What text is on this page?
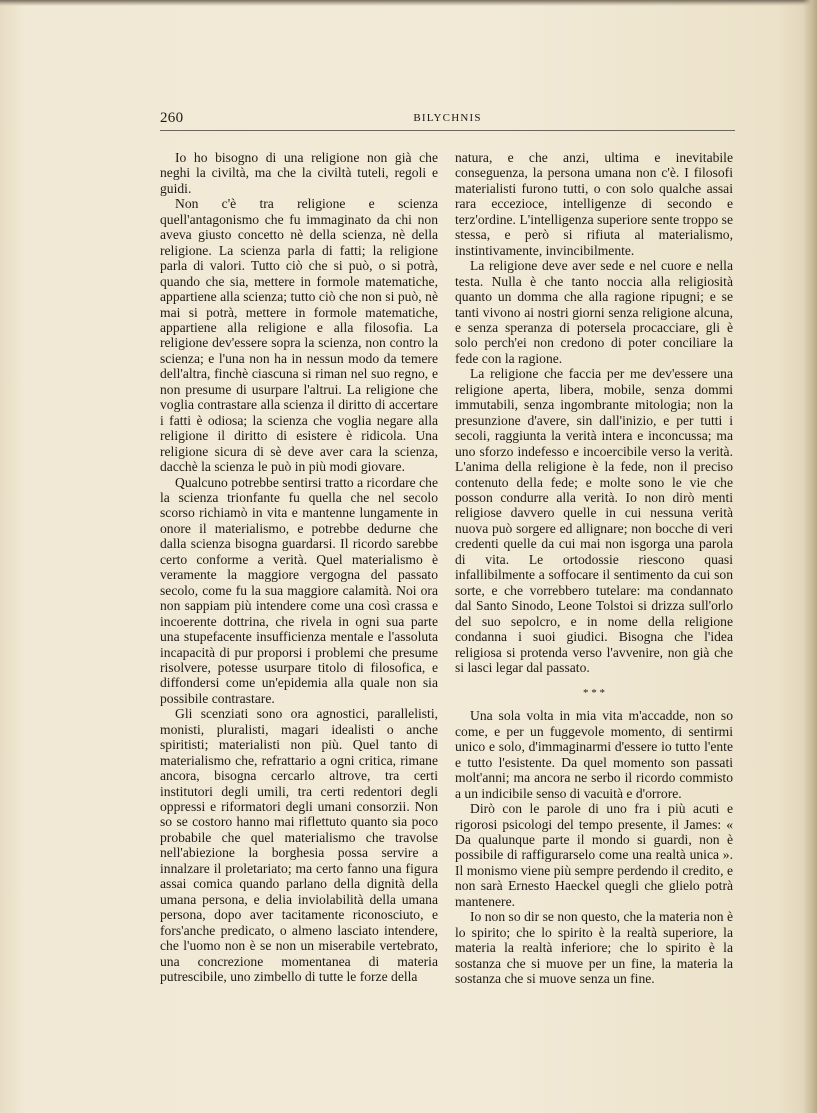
260	BILYCHNIS

Io ho bisogno di una religione non già che neghi la civiltà, ma che la civiltà tuteli, regoli e guidi.

Non c'è tra religione e scienza quell'antagonismo che fu immaginato da chi non aveva giusto concetto nè della scienza, nè della religione. La scienza parla di fatti; la religione parla di valori. Tutto ciò che si può, o si potrà, quando che sia, mettere in formole matematiche, appartiene alla scienza; tutto ciò che non si può, nè mai si potrà, mettere in formole matematiche, appartiene alla religione e alla filosofia. La religione dev'essere sopra la scienza, non contro la scienza; e l'una non ha in nessun modo da temere dell'altra, finchè ciascuna si riman nel suo regno, e non presume di usurpare l'altrui. La religione che voglia contrastare alla scienza il diritto di accertare i fatti è odiosa; la scienza che voglia negare alla religione il diritto di esistere è ridicola. Una religione sicura di sè deve aver cara la scienza, dacchè la scienza le può in più modi giovare.

Qualcuno potrebbe sentirsi tratto a ricordare che la scienza trionfante fu quella che nel secolo scorso richiamò in vita e mantenne lungamente in onore il materialismo, e potrebbe dedurne che dalla scienza bisogna guardarsi. Il ricordo sarebbe certo conforme a verità. Quel materialismo è veramente la maggiore vergogna del passato secolo, come fu la sua maggiore calamità. Noi ora non sappiam più intendere come una così crassa e incoerente dottrina, che rivela in ogni sua parte una stupefacente insufficienza mentale e l'assoluta incapacità di pur proporsi i problemi che presume risolvere, potesse usurpare titolo di filosofica, e diffondersi come un'epidemia alla quale non sia possibile contrastare.

Gli scenziati sono ora agnostici, parallelisti, monisti, pluralisti, magari idealisti o anche spiritisti; materialisti non più. Quel tanto di materialismo che, refrattario a ogni critica, rimane ancora, bisogna cercarlo altrove, tra certi institutori degli umili, tra certi redentori degli oppressi e riformatori degli umani consorzii. Non so se costoro hanno mai riflettuto quanto sia poco probabile che quel materialismo che travolse nell'abiezione la borghesia possa servire a innalzare il proletariato; ma certo fanno una figura assai comica quando parlano della dignità della umana persona, e delia inviolabilità della umana persona, dopo aver tacitamente riconosciuto, e fors'anche predicato, o almeno lasciato intendere, che l'uomo non è se non un miserabile vertebrato, una concrezione momentanea di materia putrescibile, uno zimbello di tutte le forze della

natura, e che anzi, ultima e inevitabile conseguenza, la persona umana non c'è. I filosofi materialisti furono tutti, o con solo qualche assai rara eccezioce, intelligenze di secondo e terz'ordine. L'intelligenza superiore sente troppo se stessa, e però si rifiuta al materialismo, instintivamente, invincibilmente.

La religione deve aver sede e nel cuore e nella testa. Nulla è che tanto noccia alla religiosità quanto un domma che alla ragione ripugni; e se tanti vivono ai nostri giorni senza religione alcuna, e senza speranza di potersela procacciare, gli è solo perch'ei non credono di poter conciliare la fede con la ragione.

La religione che faccia per me dev'essere una religione aperta, libera, mobile, senza dommi immutabili, senza ingombrante mitologia; non la presunzione d'avere, sin dall'inizio, e per tutti i secoli, raggiunta la verità intera e inconcussa; ma uno sforzo indefesso e incoercibile verso la verità. L'anima della religione è la fede, non il preciso contenuto della fede; e molte sono le vie che posson condurre alla verità. Io non dirò menti religiose davvero quelle in cui nessuna verità nuova può sorgere ed allignare; non bocche di veri credenti quelle da cui mai non isgorga una parola di vita. Le ortodossie riescono quasi infallibilmente a soffocare il sentimento da cui son sorte, e che vorrebbero tutelare: ma condannato dal Santo Sinodo, Leone Tolstoi si drizza sull'orlo del suo sepolcro, e in nome della religione condanna i suoi giudici. Bisogna che l'idea religiosa si protenda verso l'avvenire, non già che si lasci legar dal passato.

* * *

Una sola volta in mia vita m'accadde, non so come, e per un fuggevole momento, di sentirmi unico e solo, d'immaginarmi d'essere io tutto l'ente e tutto l'esistente. Da quel momento son passati molt'anni; ma ancora ne serbo il ricordo commisto a un indicibile senso di vacuità e d'orrore.

Dirò con le parole di uno fra i più acuti e rigorosi psicologi del tempo presente, il James: « Da qualunque parte il mondo si guardi, non è possibile di raffigurarselo come una realtà unica ». Il monismo viene più sempre perdendo il credito, e non sarà Ernesto Haeckel quegli che glielo potrà mantenere.

Io non so dir se non questo, che la materia non è lo spirito; che lo spirito è la realtà superiore, la materia la realtà inferiore; che lo spirito è la sostanza che si muove per un fine, la materia la sostanza che si muove senza un fine.
